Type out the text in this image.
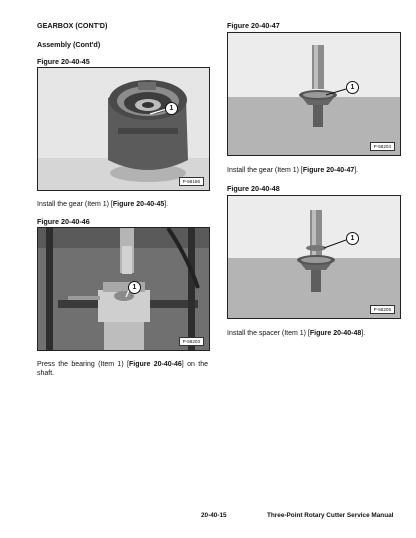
GEARBOX (CONT'D)
Assembly (Cont'd)
Figure 20-40-45
1
P-58186
Install the gear (Item 1) [Figure 20-40-45].
Figure 20-40-46
1
P-58203
Press the bearing (Item 1) [Figure 20-40-46] on the shaft.
Figure 20-40-47
1
P-58204
Install the gear (Item 1) [Figure 20-40-47].
Figure 20-40-48
1
P-58205
Install the spacer (Item 1) [Figure 20-40-48].
20-40-15	Three-Point Rotary Cutter Service Manual
